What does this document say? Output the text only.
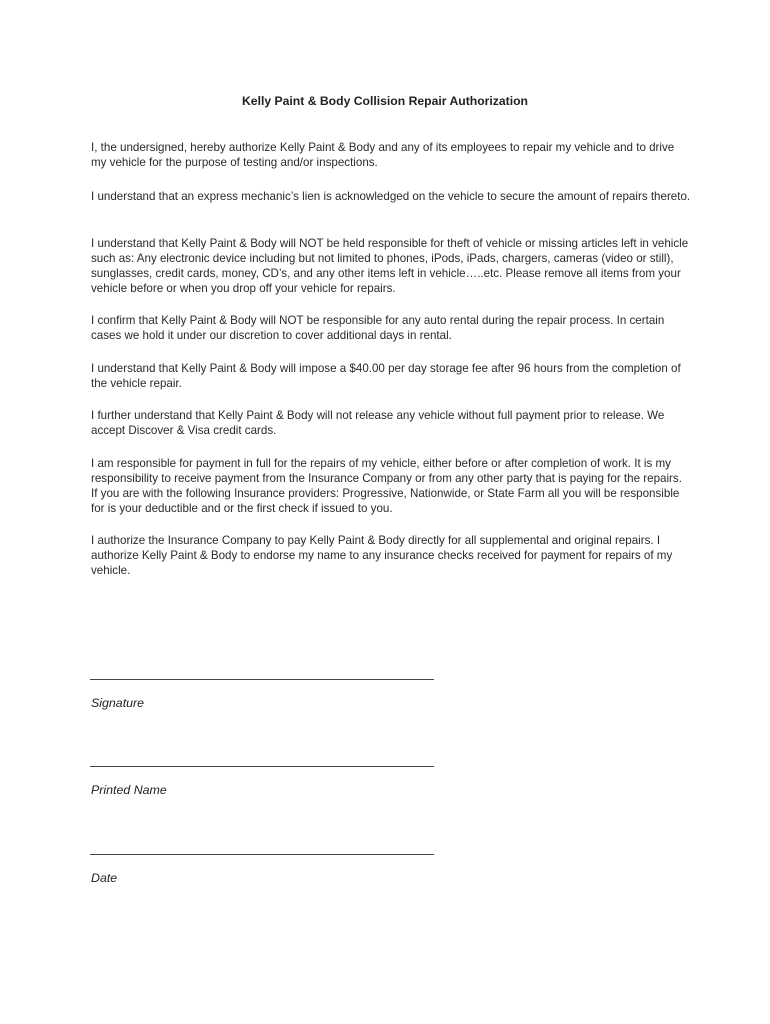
Kelly Paint & Body Collision Repair Authorization

I, the undersigned, hereby authorize Kelly Paint & Body and any of its employees to repair my vehicle and to drive my vehicle for the purpose of testing and/or inspections.

I understand that an express mechanic’s lien is acknowledged on the vehicle to secure the amount of repairs thereto.

I understand that Kelly Paint & Body will NOT be held responsible for theft of vehicle or missing articles left in vehicle such as: Any electronic device including but not limited to phones, iPods, iPads, chargers, cameras (video or still), sunglasses, credit cards, money, CD’s, and any other items left in vehicle…..etc. Please remove all items from your vehicle before or when you drop off your vehicle for repairs.

I confirm that Kelly Paint & Body will NOT be responsible for any auto rental during the repair process. In certain cases we hold it under our discretion to cover additional days in rental.

I understand that Kelly Paint & Body will impose a $40.00 per day storage fee after 96 hours from the completion of the vehicle repair.

I further understand that Kelly Paint & Body will not release any vehicle without full payment prior to release. We accept Discover & Visa credit cards.

I am responsible for payment in full for the repairs of my vehicle, either before or after completion of work. It is my responsibility to receive payment from the Insurance Company or from any other party that is paying for the repairs. If you are with the following Insurance providers: Progressive, Nationwide, or State Farm all you will be responsible for is your deductible and or the first check if issued to you.

I authorize the Insurance Company to pay Kelly Paint & Body directly for all supplemental and original repairs. I authorize Kelly Paint & Body to endorse my name to any insurance checks received for payment for repairs of my vehicle.

Signature
Printed Name
Date
